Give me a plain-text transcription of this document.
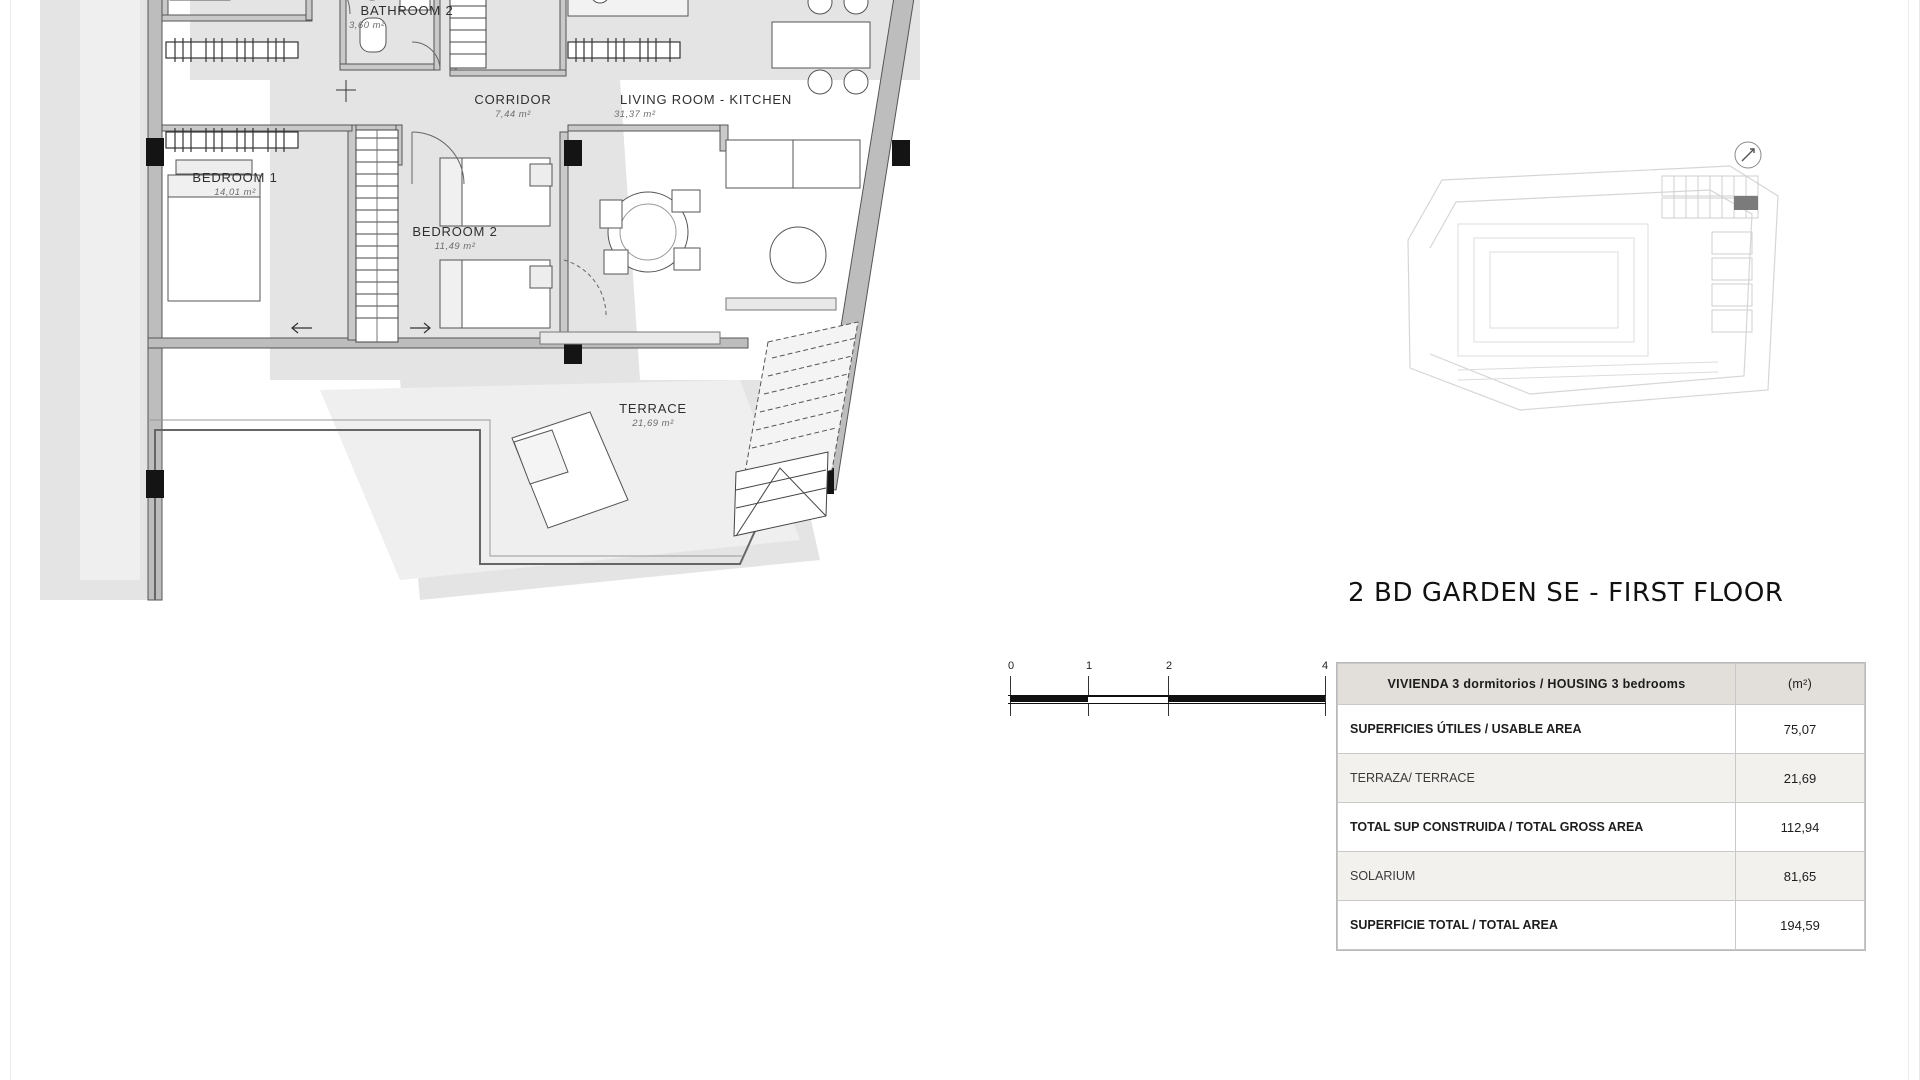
BATHROOM 2
3,60 m²
CORRIDOR
7,44 m²
LIVING ROOM - KITCHEN
31,37 m²
BEDROOM 1
14,01 m²
BEDROOM 2
11,49 m²
TERRACE
21,69 m²
0	1	2	4
2 BD GARDEN SE - FIRST FLOOR
VIVIENDA 3 dormitorios / HOUSING 3 bedrooms	(m²)
SUPERFICIES ÚTILES / USABLE AREA	75,07
TERRAZA/ TERRACE	21,69
TOTAL SUP CONSTRUIDA / TOTAL GROSS AREA	112,94
SOLARIUM	81,65
SUPERFICIE TOTAL / TOTAL AREA	194,59
